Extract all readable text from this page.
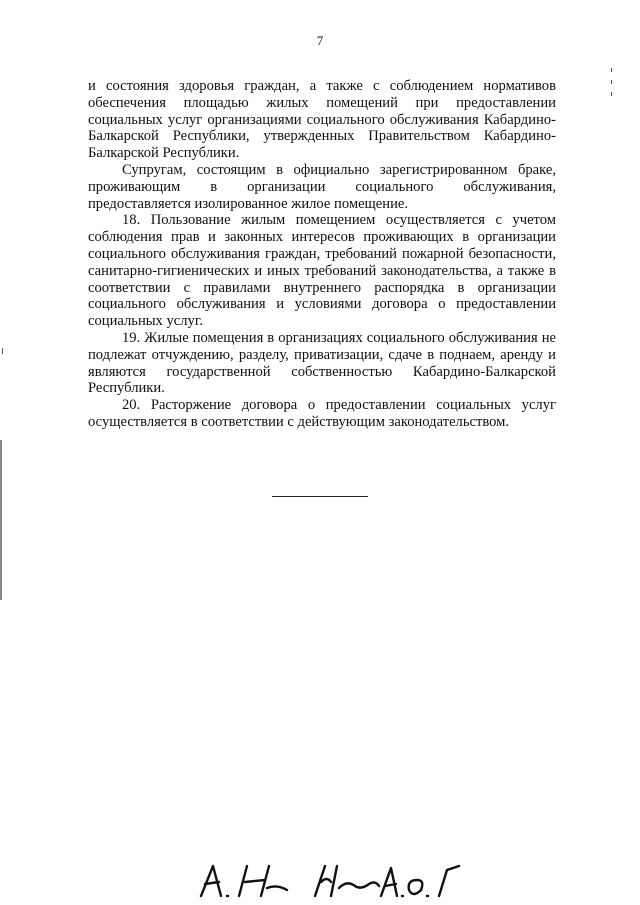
7

и состояния здоровья граждан, а также с соблюдением нормативов обеспечения площадью жилых помещений при предоставлении социальных услуг организациями социального обслуживания Кабардино-Балкарской Республики, утвержденных Правительством Кабардино-Балкарской Республики.

Супругам, состоящим в официально зарегистрированном браке, проживающим в организации социального обслуживания, предоставляется изолированное жилое помещение.

18. Пользование жилым помещением осуществляется с учетом соблюдения прав и законных интересов проживающих в организации социального обслуживания граждан, требований пожарной безопасности, санитарно-гигиенических и иных требований законодательства, а также в соответствии с правилами внутреннего распорядка в организации социального обслуживания и условиями договора о предоставлении социальных услуг.

19. Жилые помещения в организациях социального обслуживания не подлежат отчуждению, разделу, приватизации, сдаче в поднаем, аренду и являются государственной собственностью Кабардино-Балкарской Республики.

20. Расторжение договора о предоставлении социальных услуг осуществляется в соответствии с действующим законодательством.
